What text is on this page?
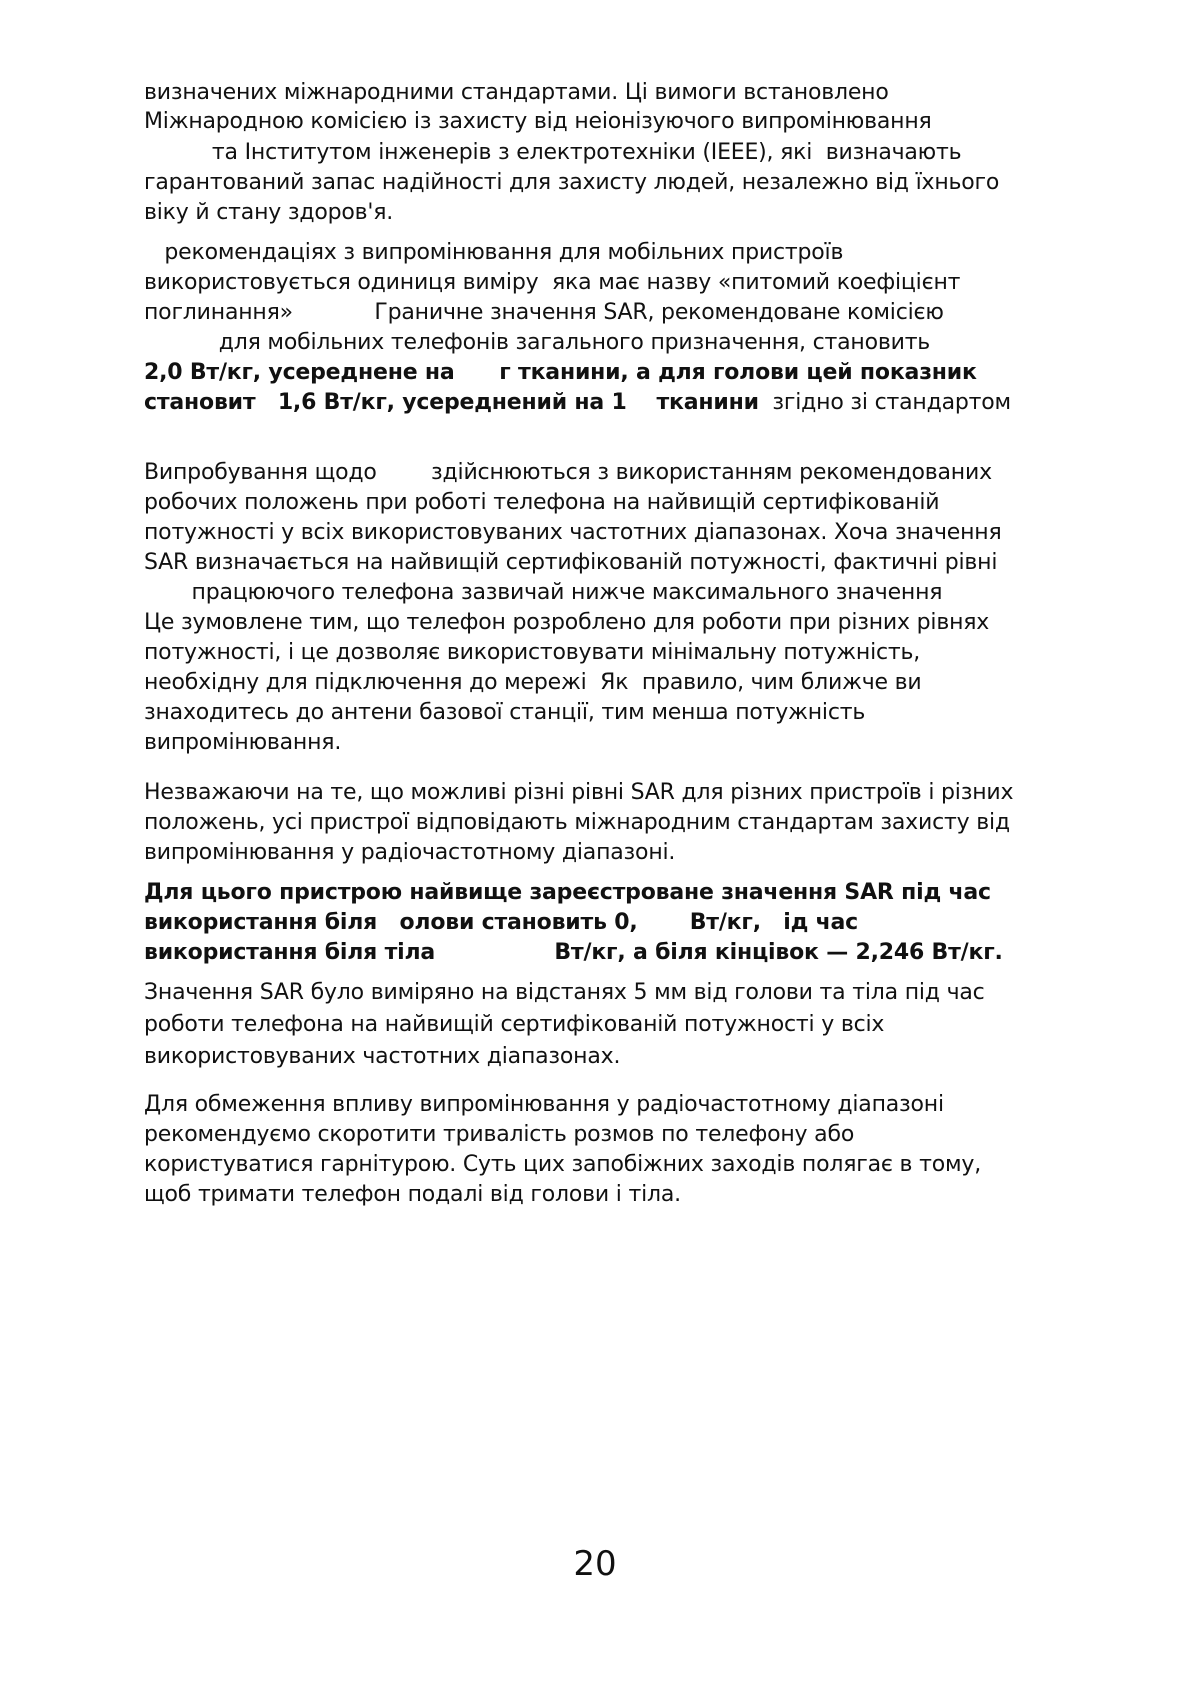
визначених міжнародними стандартами. Ці вимоги встановлено
Міжнародною комісією із захисту від неіонізуючого випромінювання
та Інститутом інженерів з електротехніки (IEEE), які  визначають
гарантований запас надійності для захисту людей, незалежно від їхнього
віку й стану здоров'я.
рекомендаціях з випромінювання для мобільних пристроїв
використовується одиниця виміру  яка має назву «питомий коефіцієнт
поглинання»            Граничне значення SAR, рекомендоване комісією
для мобільних телефонів загального призначення, становить
2,0 Вт/кг, усереднене на      г тканини, а для голови цей показник
становит   1,6 Вт/кг, усереднений на 1    тканини  згідно зі стандартом
Випробування щодо        здійснюються з використанням рекомендованих
робочих положень при роботі телефона на найвищій сертифікованій
потужності у всіх використовуваних частотних діапазонах. Хоча значення
SAR визначається на найвищій сертифікованій потужності, фактичні рівні
працюючого телефона зазвичай нижче максимального значення
Це зумовлене тим, що телефон розроблено для роботи при різних рівнях
потужності, і це дозволяє використовувати мінімальну потужність,
необхідну для підключення до мережі  Як  правило, чим ближче ви
знаходитесь до антени базової станції, тим менша потужність
випромінювання.
Незважаючи на те, що можливі різні рівні SAR для різних пристроїв і різних
положень, усі пристрої відповідають міжнародним стандартам захисту від
випромінювання у радіочастотному діапазоні.
Для цього пристрою найвище зареєстроване значення SAR під час
використання біля   олови становить 0,       Вт/кг,   ід час
використання біля тіла                Вт/кг, а біля кінцівок — 2,246 Вт/кг.
Значення SAR було виміряно на відстанях 5 мм від голови та тіла під час
роботи телефона на найвищій сертифікованій потужності у всіх
використовуваних частотних діапазонах.
Для обмеження впливу випромінювання у радіочастотному діапазоні
рекомендуємо скоротити тривалість розмов по телефону або
користуватися гарнітурою. Суть цих запобіжних заходів полягає в тому,
щоб тримати телефон подалі від голови і тіла.
20
